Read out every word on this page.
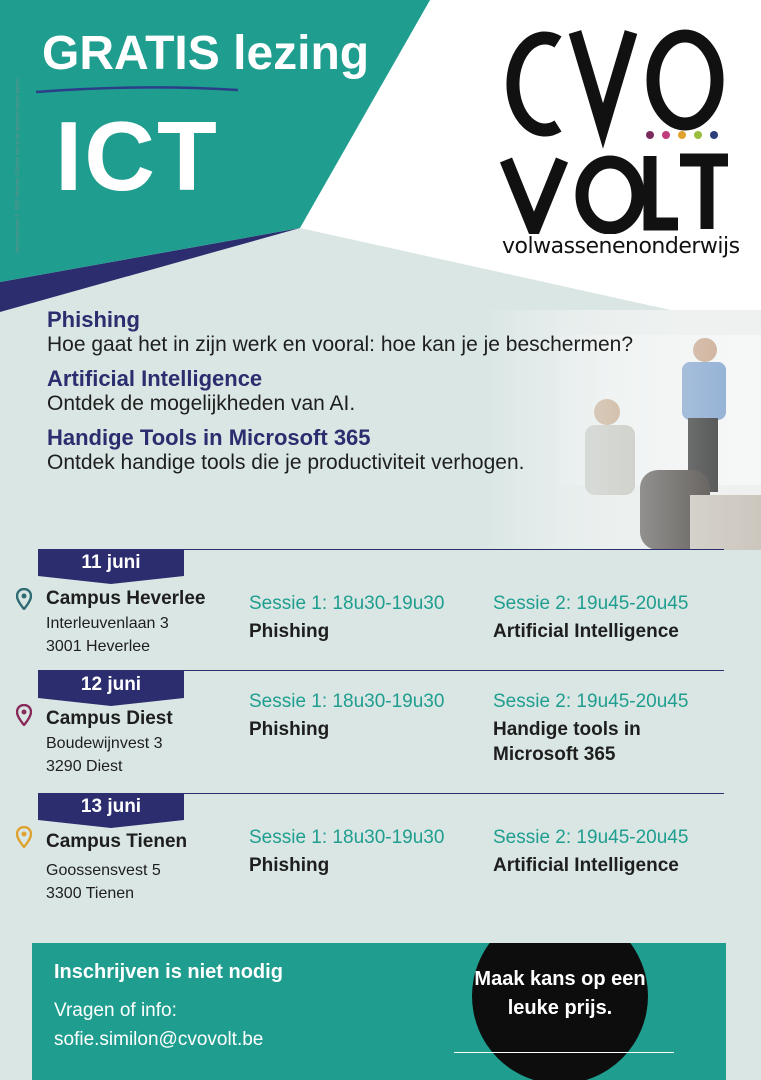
Interleuvenlaan 3 - 3001 Heverlee | Gelieve niet op de openbare weg te gooien.
GRATIS lezing
ICT
volwassenenonderwijs
Phishing
Hoe gaat het in zijn werk en vooral: hoe kan je je beschermen?
Artificial Intelligence
Ontdek de mogelijkheden van AI.
Handige Tools in Microsoft 365
Ontdek handige tools die je productiviteit verhogen.
11 juni
Campus Heverlee
Interleuvenlaan 3
3001 Heverlee
Sessie 1: 18u30-19u30
Phishing
Sessie 2: 19u45-20u45
Artificial Intelligence
12 juni
Campus Diest
Boudewijnvest 3
3290 Diest
Sessie 1: 18u30-19u30
Phishing
Sessie 2: 19u45-20u45
Handige tools in Microsoft 365
13 juni
Campus Tienen
Goossensvest 5
3300 Tienen
Sessie 1: 18u30-19u30
Phishing
Sessie 2: 19u45-20u45
Artificial Intelligence
Inschrijven is niet nodig
Vragen of info:
sofie.similon@cvovolt.be
Maak kans op een leuke prijs.
